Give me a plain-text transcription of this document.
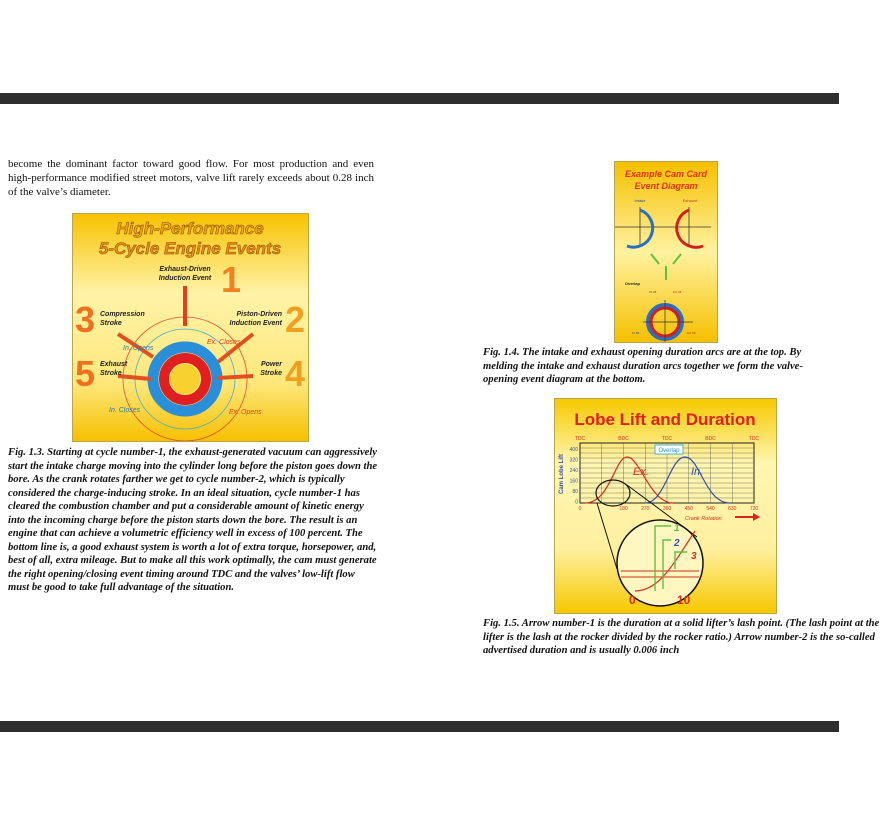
become the dominant factor toward good flow. For most production and even high-performance modified street motors, valve lift rarely exceeds about 0.28 inch of the valve’s diameter.
High-Performance
5-Cycle Engine Events
1
Exhaust-Driven
Induction Event
3 Compression
Stroke
5 Exhaust
Stroke
2
Piston-Driven
Induction Event
4
Power
Stroke
In. Opens
Ex. Closes
In. Closes	Ex. Opens
Fig. 1.3. Starting at cycle number-1, the exhaust-generated vacuum can aggressively start the intake charge moving into the cylinder long before the piston goes down the bore. As the crank rotates farther we get to cycle number-2, which is typically considered the charge-inducing stroke. In an ideal situation, cycle number-1 has cleared the combustion chamber and put a considerable amount of kinetic energy into the incoming charge before the piston starts down the bore. The result is an engine that can achieve a volumetric efficiency well in excess of 100 percent. The bottom line is, a good exhaust system is worth a lot of extra torque, horsepower, and, best of all, extra mileage. But to make all this work optimally, the cam must generate the right opening/closing event timing around TDC and the valves’ low-lift flow must be good to take full advantage of the situation.
Example Cam Card
Event Diagram
Intake	Exhaust
Overlap
IO 28	EC 28
IC 58	EO 58
Fig. 1.4. The intake and exhaust opening duration arcs are at the top. By melding the intake and exhaust duration arcs together we form the valve-opening event diagram at the bottom.
Lobe Lift and Duration
TDC	BDC	TDC	BDC	TDC
400
320
240
160
80
0
0	180	270	360	450	540	630	720
Cam Lobe Lift
Overlap
Ex.	In.
Crank Rotation
1
2
3
0	10
Fig. 1.5. Arrow number-1 is the duration at a solid lifter’s lash point. (The lash point at the lifter is the lash at the rocker divided by the rocker ratio.) Arrow number-2 is the so-called advertised duration and is usually 0.006 inch
